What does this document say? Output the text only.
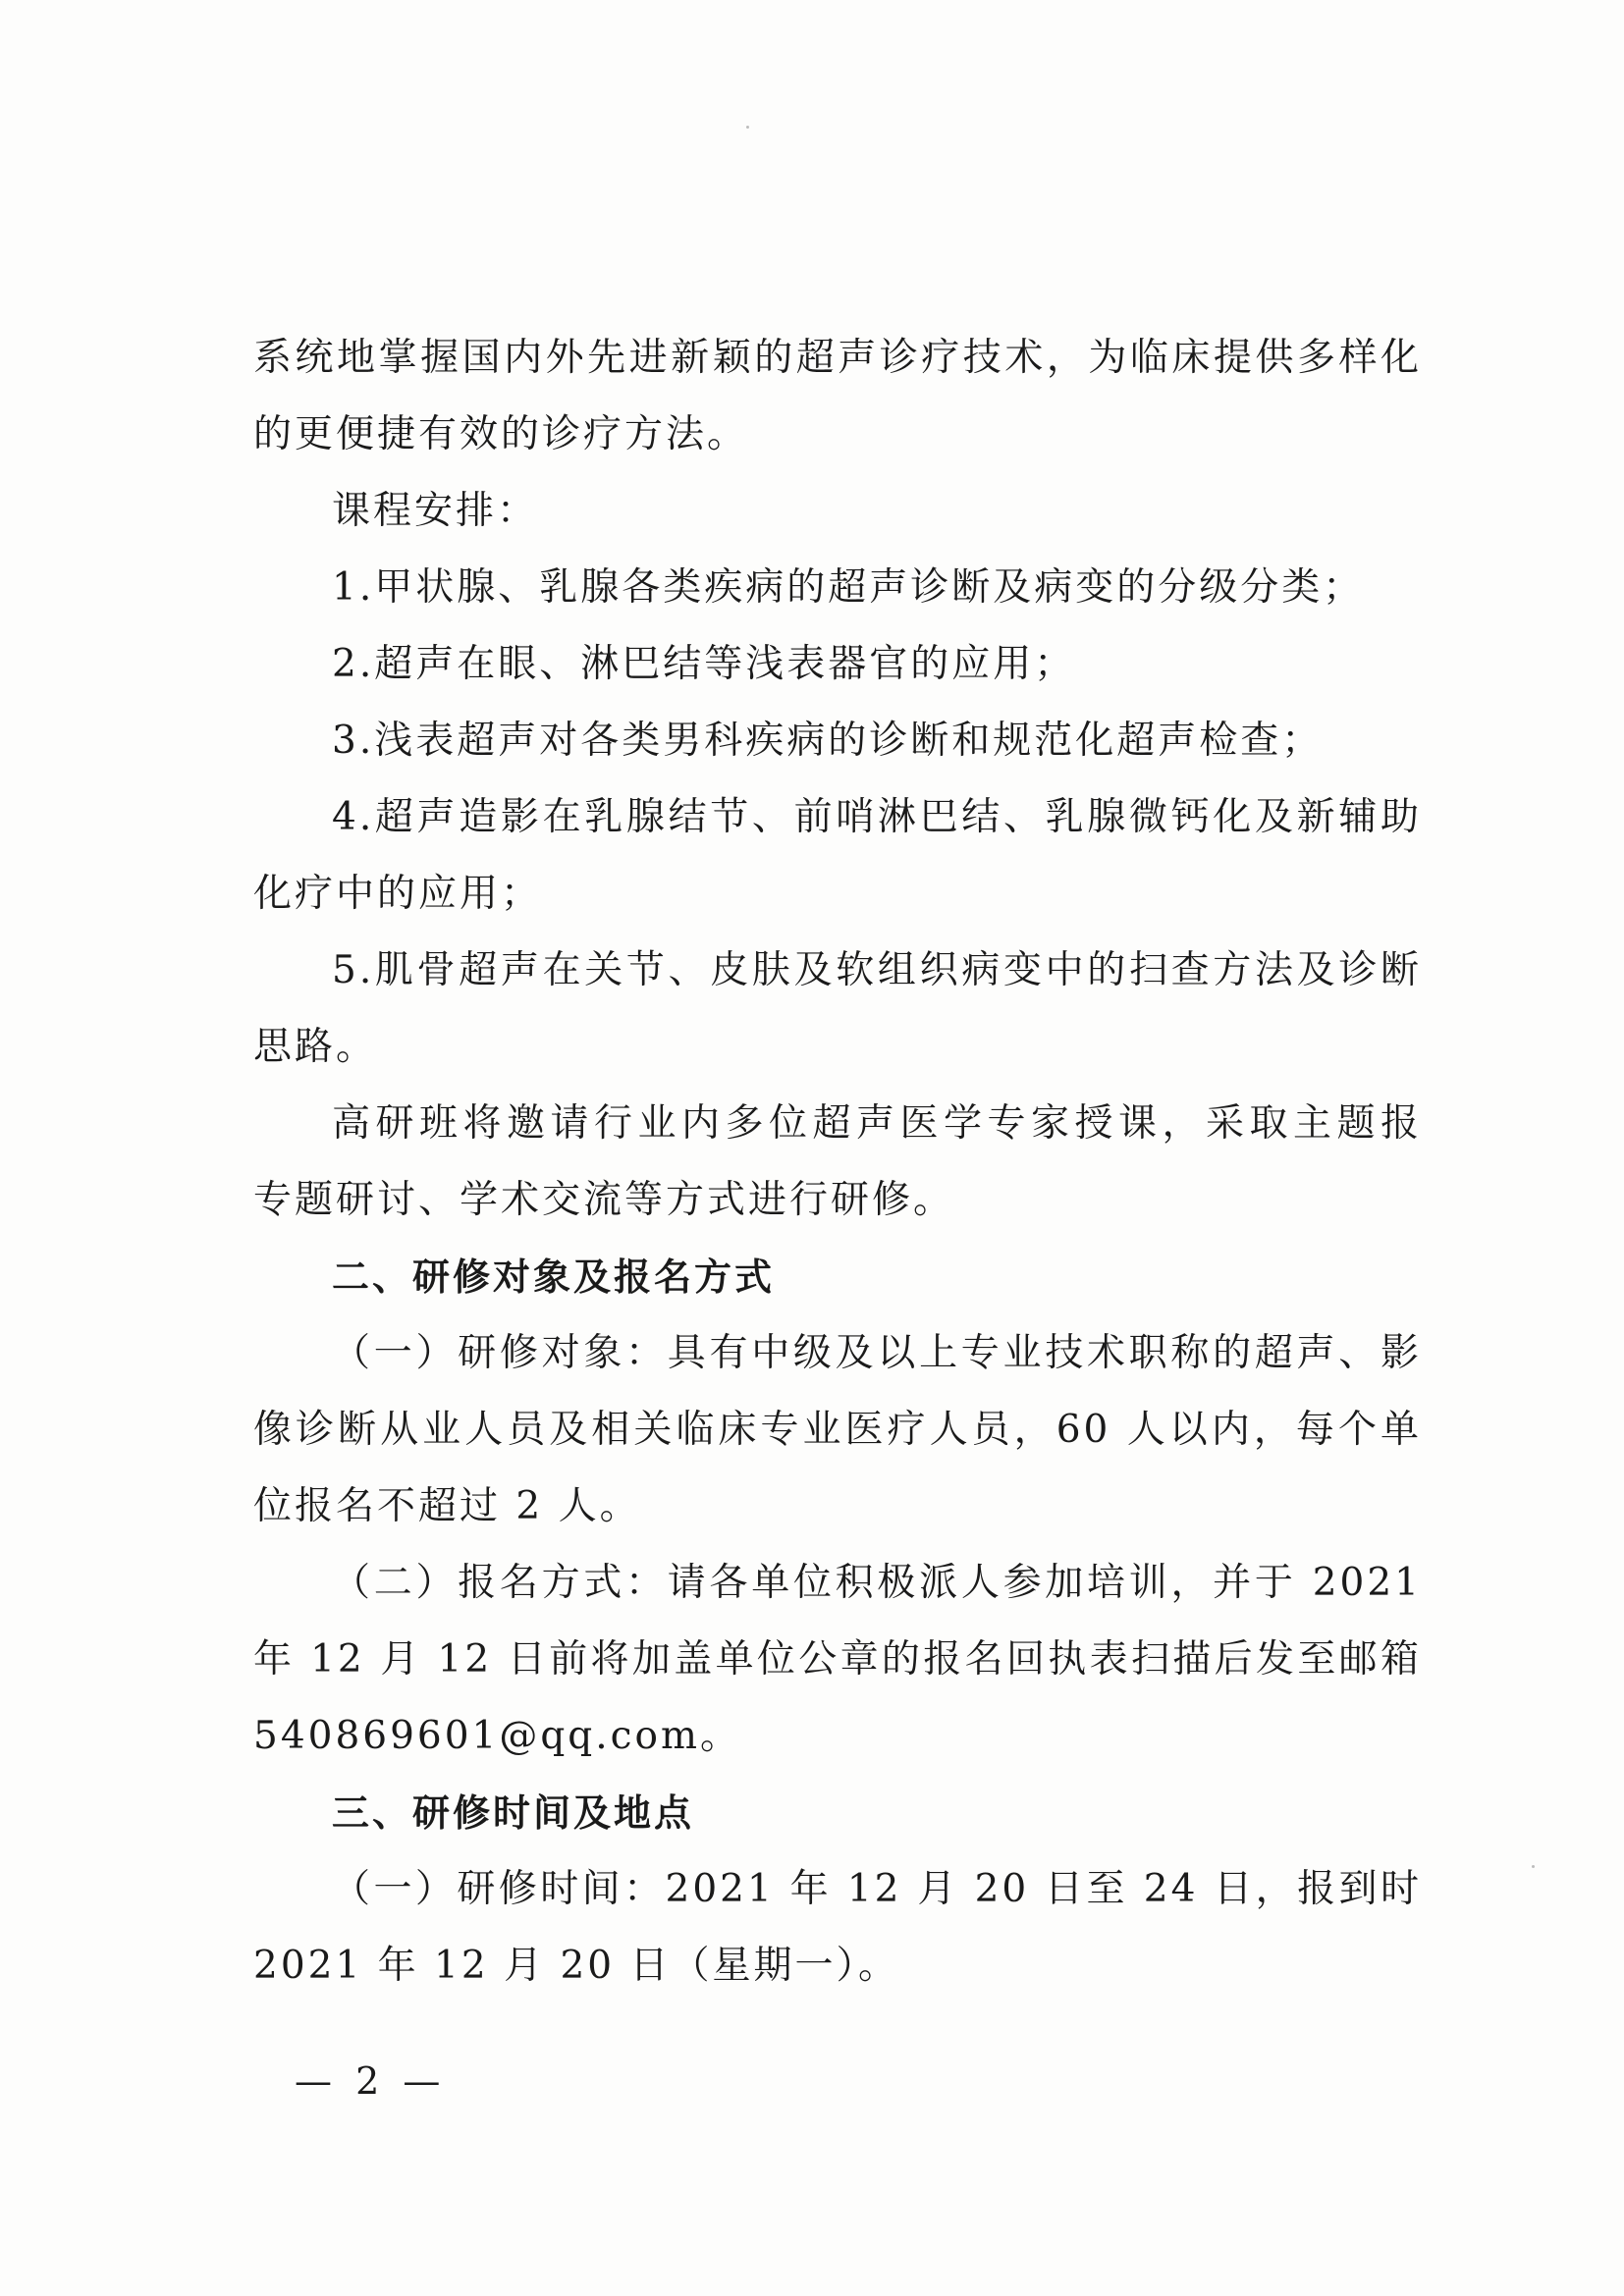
系统地掌握国内外先进新颖的超声诊疗技术，为临床提供多样化
的更便捷有效的诊疗方法。
课程安排：
1.甲状腺、乳腺各类疾病的超声诊断及病变的分级分类；
2.超声在眼、淋巴结等浅表器官的应用；
3.浅表超声对各类男科疾病的诊断和规范化超声检查；
4.超声造影在乳腺结节、前哨淋巴结、乳腺微钙化及新辅助
化疗中的应用；
5.肌骨超声在关节、皮肤及软组织病变中的扫查方法及诊断
思路。
高研班将邀请行业内多位超声医学专家授课，采取主题报
专题研讨、学术交流等方式进行研修。
二、研修对象及报名方式
（一）研修对象：具有中级及以上专业技术职称的超声、影
像诊断从业人员及相关临床专业医疗人员，60 人以内，每个单
位报名不超过 2 人。
（二）报名方式：请各单位积极派人参加培训，并于 2021
年 12 月 12 日前将加盖单位公章的报名回执表扫描后发至邮箱
540869601@qq.com。
三、研修时间及地点
（一）研修时间：2021 年 12 月 20 日至 24 日，报到时
2021 年 12 月 20 日（星期一）。
— 2 —
